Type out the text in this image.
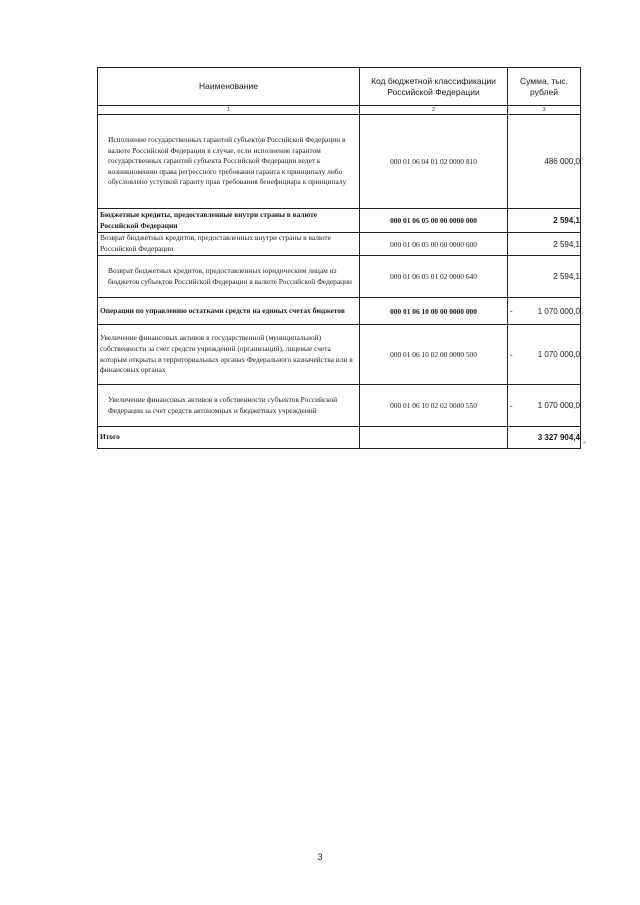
Наименование	Код бюджетной классификации Российской Федерации	Сумма, тыс. рублей
1	2	3
Исполнение государственных гарантий субъектов Российской Федерации в валюте Российской Федерации в случае, если исполнение гарантом государственных гарантий субъекта Российской Федерации ведет к возникновению права регрессного требования гаранта к принципалу либо обусловлено уступкой гаранту прав требования бенефициара к принципалу	000 01 06 04 01 02 0000 810	486 000,0
Бюджетные кредиты, предоставленные внутри страны в валюте Российской Федерации	000 01 06 05 00 00 0000 000	2 594,1
Возврат бюджетных кредитов, предоставленных внутри страны в валюте Российской Федерации	000 01 06 05 00 00 0000 600	2 594,1
Возврат бюджетных кредитов, предоставленных юридическим лицам из бюджетов субъектов Российской Федерации в валюте Российской Федерации	000 01 06 05 01 02 0000 640	2 594,1
Операции по управлению остатками средств на единых счетах бюджетов	000 01 06 10 00 00 0000 000	- 1 070 000,0
Увеличение финансовых активов в государственной (муниципальной) собственности за счет средств учреждений (организаций), лицевые счета которым открыты в территориальных органах Федерального казначейства или в финансовых органах	000 01 06 10 02 00 0000 500	- 1 070 000,0
Увеличение финансовых активов в собственности субъектов Российской Федерации за счет средств автономных и бюджетных учреждений	000 01 06 10 02 02 0000 550	- 1 070 000,0
Итого		3 327 904,4
»
3
